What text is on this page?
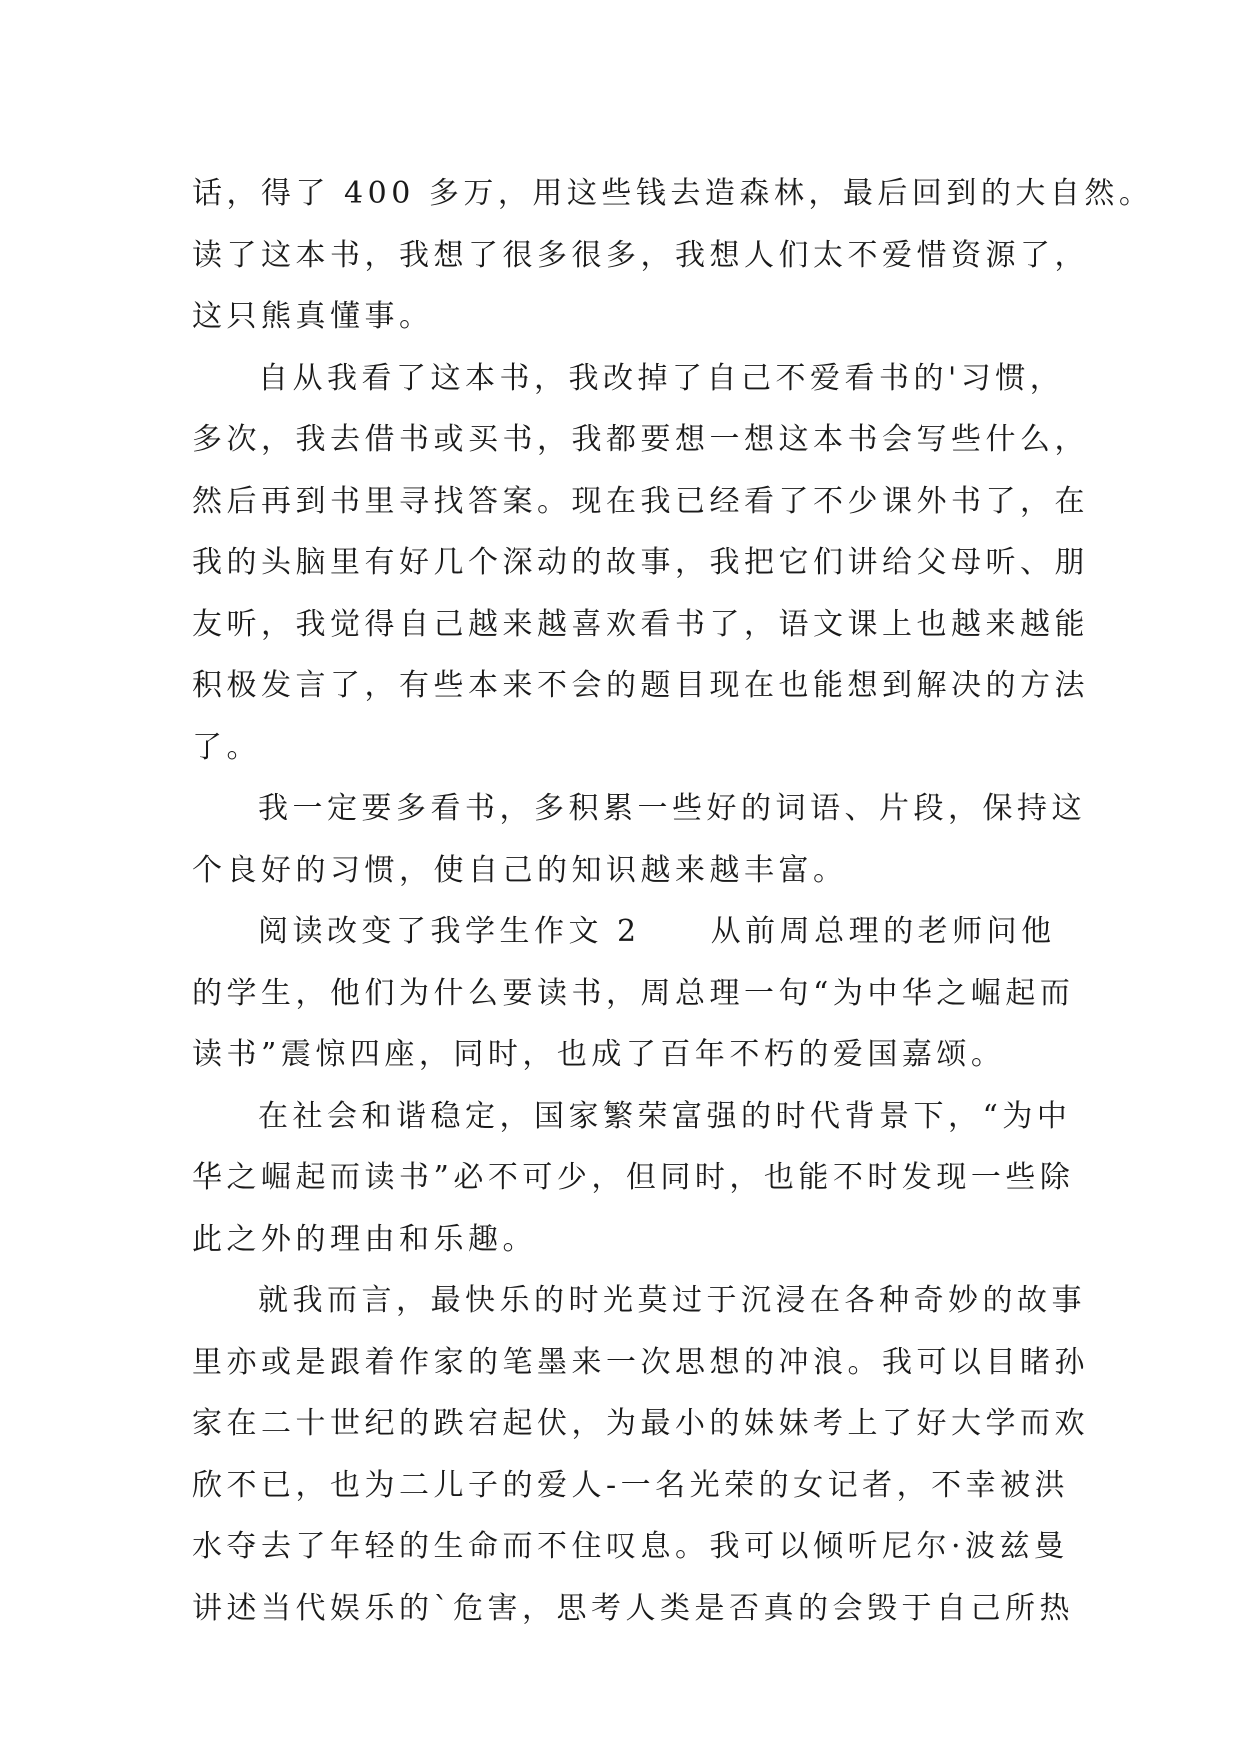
话，得了 400 多万，用这些钱去造森林，最后回到的大自然。
读了这本书，我想了很多很多，我想人们太不爱惜资源了，
这只熊真懂事。
自从我看了这本书，我改掉了自己不爱看书的'习惯，
多次，我去借书或买书，我都要想一想这本书会写些什么，
然后再到书里寻找答案。现在我已经看了不少课外书了，在
我的头脑里有好几个深动的故事，我把它们讲给父母听、朋
友听，我觉得自己越来越喜欢看书了，语文课上也越来越能
积极发言了，有些本来不会的题目现在也能想到解决的方法
了。
我一定要多看书，多积累一些好的词语、片段，保持这
个良好的习惯，使自己的知识越来越丰富。
阅读改变了我学生作文 2 从前周总理的老师问他
的学生，他们为什么要读书，周总理一句“为中华之崛起而
读书”震惊四座，同时，也成了百年不朽的爱国嘉颂。
在社会和谐稳定，国家繁荣富强的时代背景下，“为中
华之崛起而读书”必不可少，但同时，也能不时发现一些除
此之外的理由和乐趣。
就我而言，最快乐的时光莫过于沉浸在各种奇妙的故事
里亦或是跟着作家的笔墨来一次思想的冲浪。我可以目睹孙
家在二十世纪的跌宕起伏，为最小的妹妹考上了好大学而欢
欣不已，也为二儿子的爱人-一名光荣的女记者，不幸被洪
水夺去了年轻的生命而不住叹息。我可以倾听尼尔·波兹曼
讲述当代娱乐的`危害，思考人类是否真的会毁于自己所热
